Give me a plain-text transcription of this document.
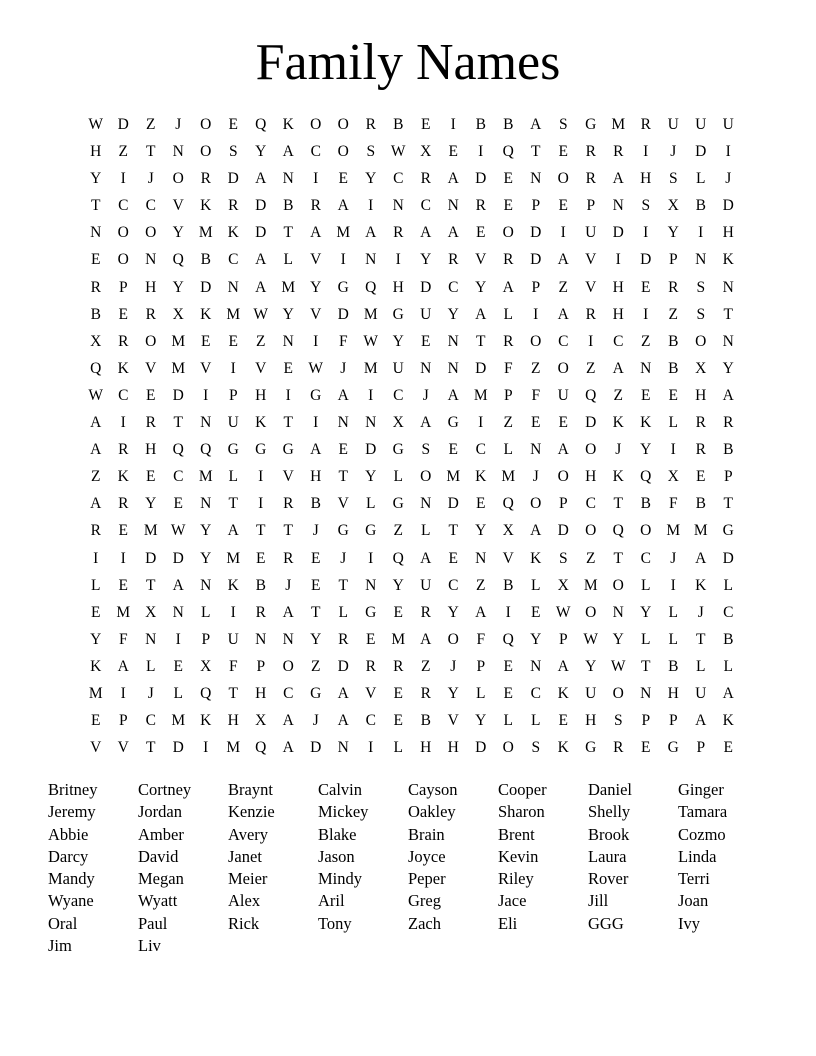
Family Names
W D	Z	J	O	E	Q	K	O	O	R	B	E	I	B	B	A	S	G M R	U	U	U
H	Z	T	N	O	S	Y	A	C	O	S	W X	E	I	Q	T	E	R	R	I	J	D	I
Y	I	J	O	R	D	A	N	I	E	Y	C	R	A	D	E	N	O	R	A	H	S	L	J
T	C	C	V	K	R	D	B	R	A	I	N	C	N	R	E	P	E	P	N	S	X	B	D
N	O	O	Y M K	D	T	A M A	R	A	A	E	O	D	I	U	D	I	Y	I	H
E	O	N	Q	B	C	A	L	V	I	N	I	Y	R	V	R	D	A	V	I	D	P	N	K
R	P	H	Y	D	N	A M Y	G	Q	H	D	C	Y	A	P	Z	V	H	E	R	S	N
B	E	R	X	K M W Y	V	D M G	U	Y	A	L	I	A	R	H	I	Z	S	T
X	R	O M	E	E	Z	N	I	F	W Y	E	N	T	R	O	C	I	C	Z	B	O	N
Q	K	V M V	I	V	E W	J	M U	N	N	D	F	Z	O	Z	A	N	B	X	Y
W C	E	D	I	P	H	I	G	A	I	C	J	A M	P	F	U	Q	Z	E	E	H	A
A	I	R	T	N	U	K	T	I	N	N	X	A	G	I	Z	E	E	D	K	K	L	R	R
A	R	H	Q	Q	G	G	G	A	E	D	G	S	E	C	L	N	A	O	J	Y	I	R	B
Z	K	E	C M	L	I	V	H	T	Y	L	O M K M	J	O	H	K	Q	X	E	P
A	R	Y	E	N	T	I	R	B	V	L	G	N	D	E	Q	O	P	C	T	B	F	B	T
R	E	M W Y	A	T	T	J	G	G	Z	L	T	Y	X	A	D	O	Q	O M M G
I	I	D	D	Y M	E	R	E	J	I	Q	A	E	N	V	K	S	Z	T	C	J	A	D
L	E	T	A	N	K	B	J	E	T	N	Y	U	C	Z	B	L	X M O	L	I	K	L
E	M X	N	L	I	R	A	T	L	G	E	R	Y	A	I	E W O	N	Y	L	J	C
Y	F	N	I	P	U	N	N	Y	R	E	M A	O	F	Q	Y	P	W Y	L	L	T	B
K	A	L	E	X	F	P	O	Z	D	R	R	Z	J	P	E	N	A	Y W T	B	L	L
M	I	J	L	Q	T	H	C	G	A	V	E	R	Y	L	E	C	K	U	O	N	H	U	A
E	P	C M K	H	X	A	J	A	C	E	B	V	Y	L	L	E	H	S	P	P	A	K
V	V	T	D	I	M Q	A	D	N	I	L	H	H	D	O	S	K	G	R	E	G	P	E
Britney	Cortney	Braynt	Calvin	Cayson	Cooper	Daniel	Ginger
Jeremy	Jordan	Kenzie	Mickey	Oakley	Sharon	Shelly	Tamara
Abbie	Amber	Avery	Blake	Brain	Brent	Brook	Cozmo
Darcy	David	Janet	Jason	Joyce	Kevin	Laura	Linda
Mandy	Megan	Meier	Mindy	Peper	Riley	Rover	Terri
Wyane	Wyatt	Alex	Aril	Greg	Jace	Jill	Joan
Oral	Paul	Rick	Tony	Zach	Eli	GGG	Ivy
Jim	Liv
